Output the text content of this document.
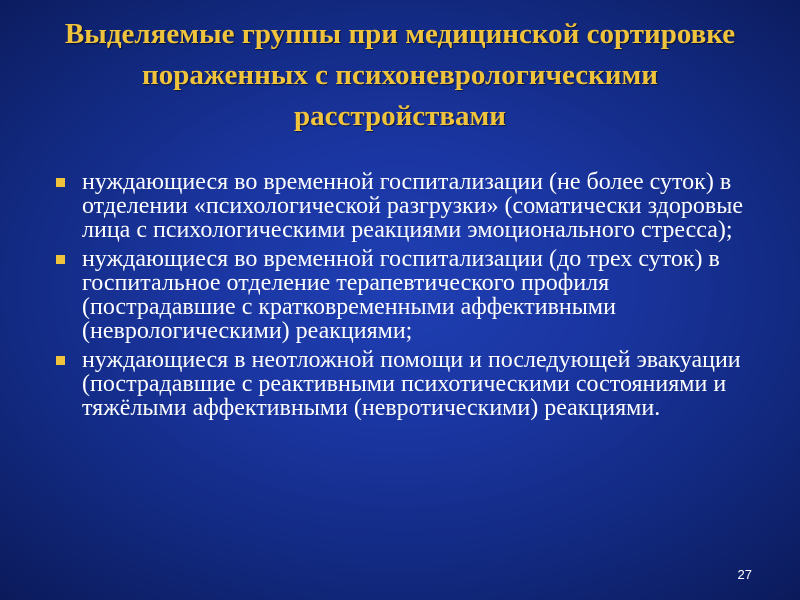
Выделяемые группы при медицинской сортировке пораженных с психоневрологическими расстройствами
нуждающиеся во временной госпитализации (не более суток) в отделении «психологической разгрузки» (соматически здоровые лица с психологическими реакциями эмоционального стресса);
нуждающиеся во временной госпитализации (до трех суток) в госпитальное отделение терапевтического профиля (пострадавшие с кратковременными аффективными (неврологическими) реакциями;
нуждающиеся в неотложной помощи и последующей эвакуации (пострадавшие с реактивными психотическими состояниями и тяжёлыми аффективными (невротическими) реакциями.
27
